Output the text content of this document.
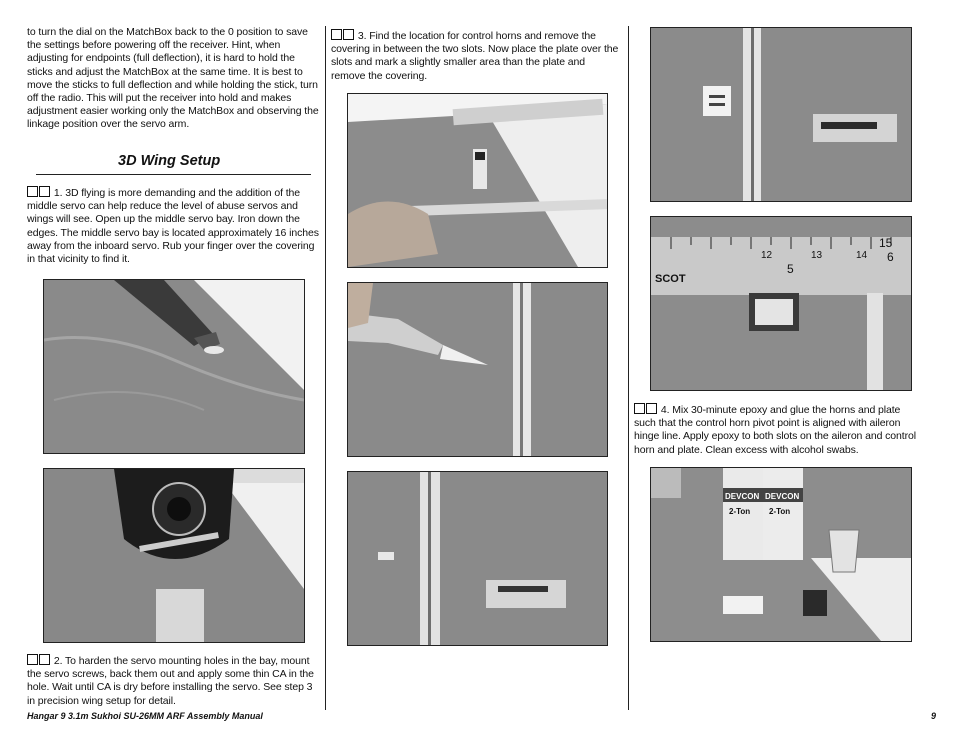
to turn the dial on the MatchBox back to the 0 position to save the settings before powering off the receiver. Hint, when adjusting for endpoints (full deflection), it is hard to hold the sticks and adjust the MatchBox at the same time. It is best to move the sticks to full deflection and while holding the stick, turn off the radio. This will put the receiver into hold and makes adjustment easier working only the MatchBox and observing the linkage position over the servo arm.

3D Wing Setup

1. 3D flying is more demanding and the addition of the middle servo can help reduce the level of abuse servos and wings will see. Open up the middle servo bay. Iron down the edges. The middle servo bay is located approximately 16 inches away from the inboard servo. Rub your finger over the covering in that vicinity to find it.

2. To harden the servo mounting holes in the bay, mount the servo screws, back them out and apply some thin CA in the hole. Wait until CA is dry before installing the servo. See step 3 in precision wing setup for detail.

3. Find the location for control horns and remove the covering in between the two slots. Now place the plate over the slots and mark a slightly smaller area than the plate and remove the covering.

12	13	14
15
SCOT
5
6

4. Mix 30-minute epoxy and glue the horns and plate such that the control horn pivot point is aligned with aileron hinge line. Apply epoxy to both slots on the aileron and control horn and plate. Clean excess with alcohol swabs.

DEVCON
2-Ton
DEVCON
2-Ton
Hangar 9 3.1m Sukhoi SU-26MM ARF Assembly Manual	9
